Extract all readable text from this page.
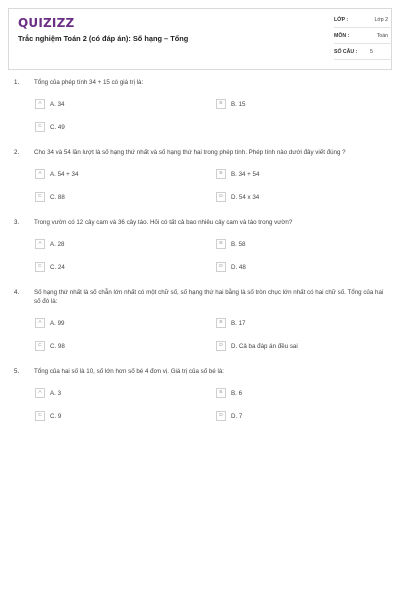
QUIZIZZ
Trắc nghiệm Toán 2 (có đáp án): Số hạng – Tổng
LỚP :	Lớp 2
MÔN :	Toán
SỐ CÂU : 5
1. Tổng của phép tính 34 + 15 có giá trị là:
A	A. 34	B	B. 15
C	C. 49
2. Cho 34 và 54 lần lượt là số hạng thứ nhất và số hạng thứ hai trong phép tính. Phép tính nào dưới đây viết đúng ?
A	A. 54 + 34	B	B. 34 + 54
C	C. 88	D	D. 54 x 34
3. Trong vườn có 12 cây cam và 36 cây táo. Hỏi có tất cả bao nhiêu cây cam và táo trong vườn?
A	A. 28	B	B. 58
C	C. 24	D	D. 48
4. Số hạng thứ nhất là số chẵn lớn nhất có một chữ số, số hạng thứ hai bằng là số tròn chục lớn nhất có hai chữ số. Tổng của hai số đó là:
A	A. 99	B	B. 17
C	C. 98	D	D. Cả ba đáp án đều sai
5. Tổng của hai số là 10, số lớn hơn số bé 4 đơn vị. Giá trị của số bé là:
A	A. 3	B	B. 6
C	C. 9	D	D. 7
